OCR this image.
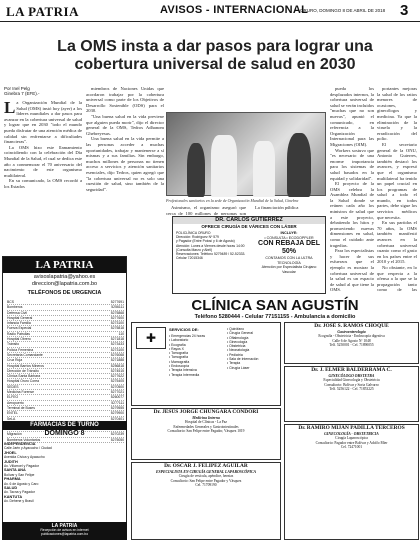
LA PATRIA	AVISOS - INTERNACIONAL
ORURO, DOMINGO 8 DE ABRIL DE 2018 3
La OMS insta a dar pasos para lograr una cobertura universal de salud en 2030
Por Inel Pelg
Ginebra 7 (EFE).-
La Organización Mundial de la Salud (OMS) instó hoy (ayer) a los líderes mundiales a dar pasos para avanzar en la cobertura universal de salud y lograr que en 2030 "todo el mundo pueda disfrutar de una atención médica de calidad sin enfrentarse a dificultades financieras".

La OMS hizo este llamamiento coincidiendo con la celebración del Día Mundial de la Salud, el cual se dedica este año a conmemorar el 70 aniversario del nacimiento de este organismo multilateral.

En su comunicado, la OMS recordó a los Estados

miembros de Naciones Unidas que acordaron trabajar por la cobertura universal como parte de los Objetivos de Desarrollo Sostenible (ODS) para el 2030.

"Una buena salud en la vida previene que alguien pueda morir", dijo el director general de la OMS, Tedros Adhanom Ghebreyesus.

Una buena salud en la vida permite a las personas acceder a muchas oportunidades, trabajar y mantenerse a sí mismas y a sus familias. Sin embargo, muchos millones de personas no tienen acceso a servicios y atención sanitarios esenciales, dijo Tedros, quien agregó que "la cobertura universal no es solo una cuestión de salud, sino también de la seguridad".

Profesionales sanitarios en la sede de Organización Mundial de la Salud, Ginebra

Asimismo, el organismo aseguró que cerca de 100 millones de personas son

La financiación pública

pueda los desplazados internos, la cobertura universal de salud se verán incluidos "muchas que no son nuevas", apuntó el comunicado, en referencia a la Organización Internacional para las Migraciones (OIM).

Workers sostuvo que "es necesario de una enorme importancia para los sistemas de salud basados en la equidad y solidaridad".

El proyecto de la OMS celebra la Asamblea Mundial de la Salud donde se reúnen cada año los ministros de salud que a este proyecto, debatiendo los hitos y promoviendo nuevas dimensiones en salud, como el cuidado ante tragedias.

Para los especialistas y hacer de sus esfuerzos que el ejemplo es mostrar la cobertura universal de la salud es un espacio de salud al que tiene la OMS.

portantes mejoras la salud de los ratios menores de ocasiones, ginecólogos y medicina. Ya que la eliminación de la viruela y la erradicación del polio.

El secretario general de la ONU, Antonio Guterres, también destacó los avances, y expresó que el organismo multilateral ha tenido un papel crucial en los programas de salud a todo el mundo, en todos partes, debe sigue los servicios médicos que necesita.

En sus partidas el 70 años, la OMS también manifestó avances en la cobertura universal cuanto como el gasto en los países entre el 2010 y el 2015.

No obstante, en lo que respecta a la ofensa a la que se la propagación tanto como de las

LA PATRIA
avisoslapatria@yahoo.es
direccion@lapatria.com.bo
TELÉFONOS DE URGENCIA
BCS	5277691
Bomberos	5256111
Defensa Civil	5275868
Hospital General	5277600
Infancia Familia	5273100
Fuerza Especial	5275818
Radio Patrullas	110
Hospital Obrero	5271818
Tránsito	5273433
Policía Femenina	5273100
Secretaria Comandante	5276068
Cruz Roja	5271888
Hospital Barrios Mineros	5256818
Dirección de Tránsito	5274515
Clínica Santa Bárbara	5277622
Hospital Oruro Corea	5275405
SEDES	5270500
Medicina Forense	5277021
ELFEO	5260077
Aeropuerto	5277111
Terminal de Buses	5279555
ENTEL	5279900
SeLA	5270401
Migración	5270239
Bomberos Voluntarios	5275050
FARMACIAS DE TURNO
DOMINGO 8
INDEPENDENCIA
Calle Jaén y Ayacucho / Ciudad
JHOEL
Avenida Cívica y Ayacucho
JUDITH
Av. Villarroel y Pagador
SANTA ANA
Bolívar y San Felipe
PHARMA
Av. 6 de Agosto y Caro
SALUD
Av. Tacna y Pagador
KANTUTA
Av. Dehene y Brasil
LA PATRIA
Recepción de avisos en internet
publicaciones@lapatria.com.bo
DR. CARLOS GUTIÉRREZ
OFRECE CIRUGÍA DE VÁRICES CON LÁSER
POLICLÍNICA ORURO
Dirección: Rodríguez Nº 579
y Pagador (Entre Potosí y 6 de Agosto)
Atención: Lunes a Viernes desde horas 14:00 (Consulta Marzo y Abril)
Reservaciones: Teléfono 5279489 / 52-52333. Celular 72015346
INCLUYE:
• CONSULTA • ECODOPPLER
CON REBAJA DEL 50%
CONTAMOS CON LA ULTRA TECNOLOGÍA
Atención por Especialista Cirujano Vascular
CLÍNICA SAN AGUSTÍN
Teléfono 5280444 - Celular 77151155 - Ambulancia a domicilio
✚
SERVICIOS DE:
• Emergencias 24 horas
• Laboratorio
• Ecografía
• Rayos X
• Tomografía
• Tomografía
• Mamografía
• Endoscopía
• Terapia Intensiva
• Terapia Intermedia
• Quirófano
• Cirugía General
• Oftalmología
• Ginecología
• Obstetricia
• Neonatología
• Pediatría
• Sala de Internación
• Terapia
• Cirugía Láser
Dr. JOSÉ S. RAMOS CHOQUE
Gastroenterología
Ecografía - Obstetricia - Endoscopía digestiva
Calle 6 de Agosto Nº 1048
Telf. 5250001 - Cel. 71890055
Dr. JESÚS JORGE CHUNGARA CONDORI
Medicina Interna
Hospital de Clínicas - La Paz
Enfermedades Generales y Gastrointestinales
Consultorio: San Felipe entre Pagador, Vásquez 1019
Dr. J. ELMER BALDERRAMA C.
GINECÓLOGO OBSTETRA
Especialidad Ginecología y Obstetricia
Consultorio: Bolívar y Soria Galvarro
Telf. 5256122 - Cel. 71853225
Dr. OSCAR J. FELIPEZ AGUILAR
ESPECIALISTA EN CIRUGÍA GENERAL LAPAROSCÓPICA
Cirugía de vesícula, apéndice, hernias
Consultorio: San Felipe entre Pagador y Vásquez
Cel. 71709190
Dr. RAMIRO MIJÁN PADILLA TERCEROS
GINECOLOGÍA - OBSTETRICIA
Cirugía Laparoscópica
Consultorio: Pagador entre Bolívar y Adolfo Mier
Cel. 72471001
